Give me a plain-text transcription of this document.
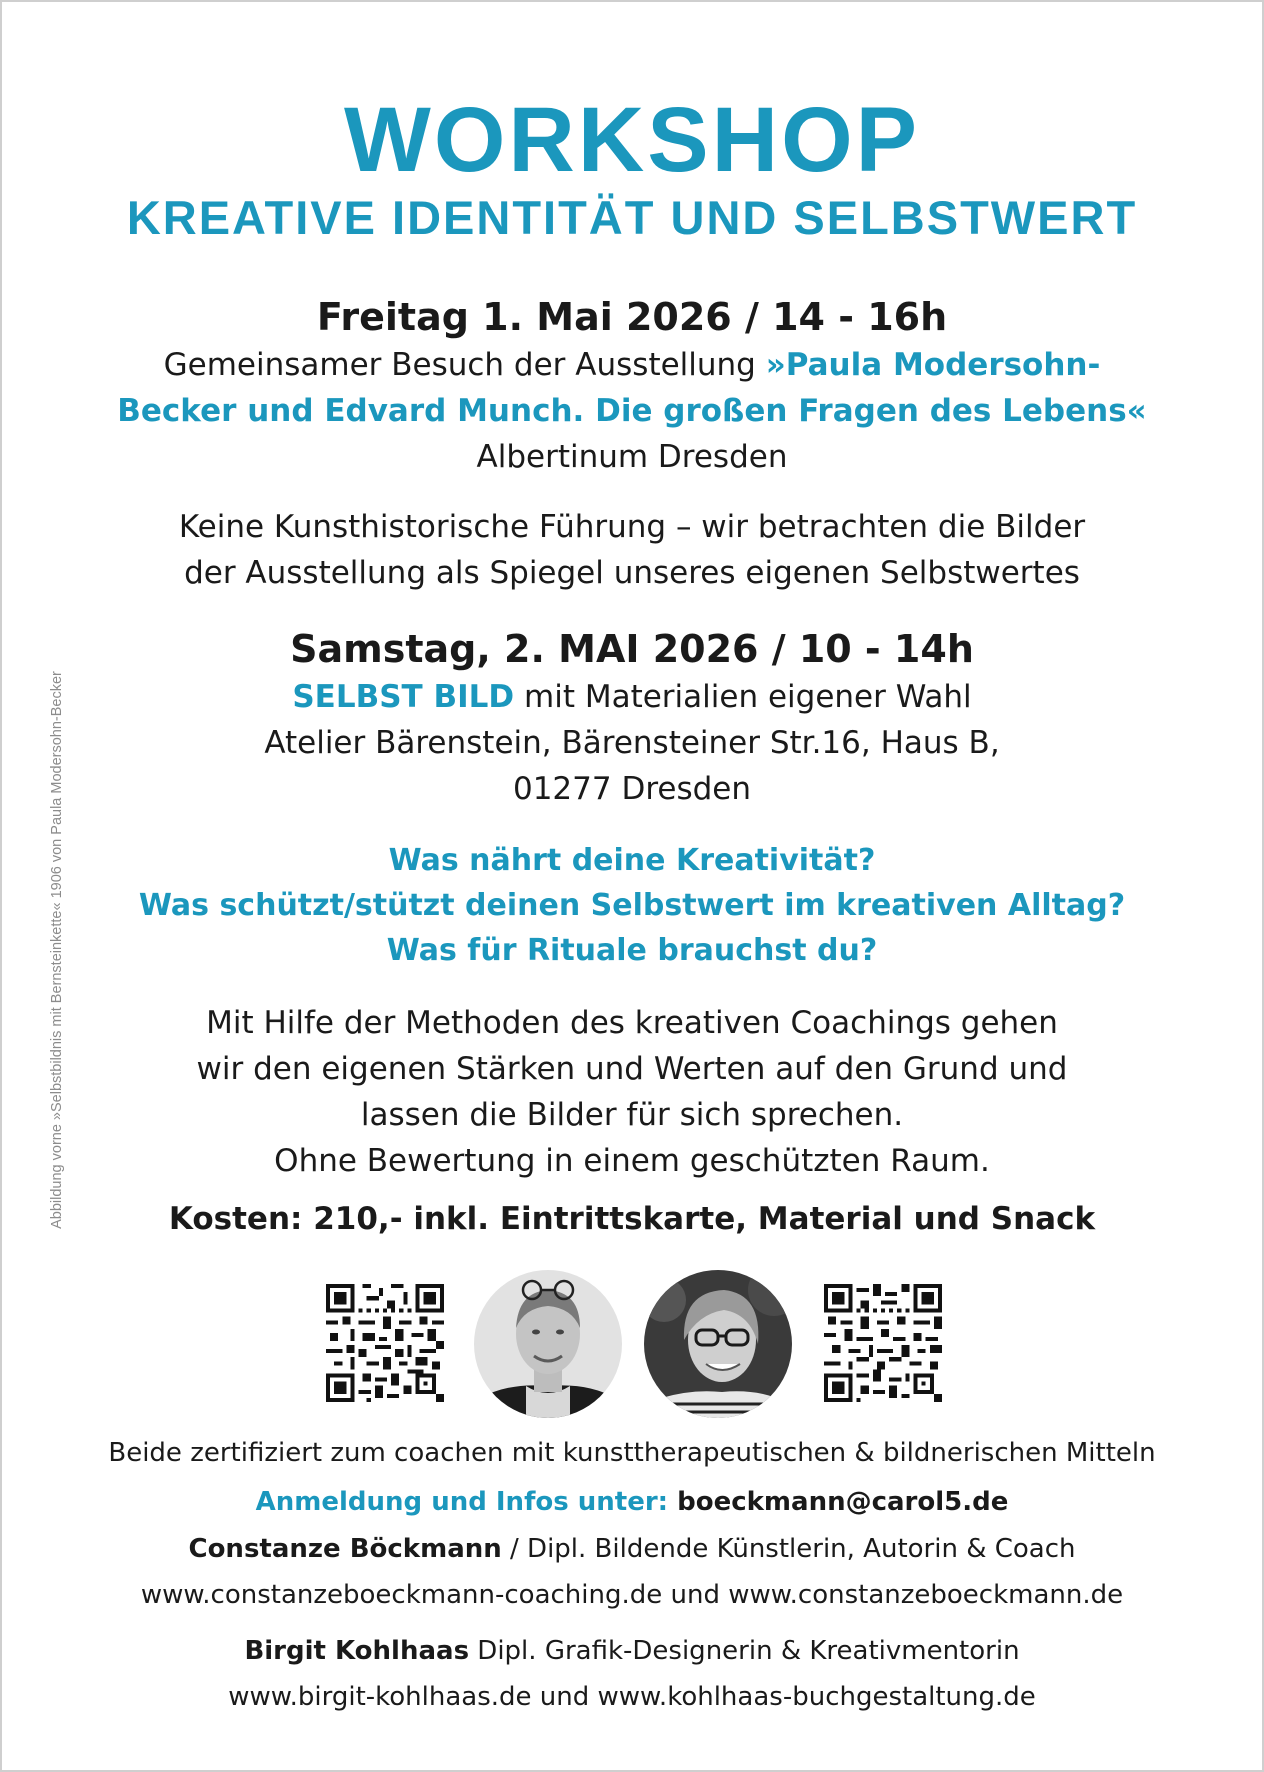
Abbildung vorne »Selbstbildnis mit Bernsteinkette« 1906 von Paula Modersohn-Becker
WORKSHOP
KREATIVE IDENTITÄT UND SELBSTWERT
Freitag 1. Mai 2026 / 14 - 16h
Gemeinsamer Besuch der Ausstellung »Paula Modersohn-
Becker und Edvard Munch. Die großen Fragen des Lebens«
Albertinum Dresden
Keine Kunsthistorische Führung – wir betrachten die Bilder
der Ausstellung als Spiegel unseres eigenen Selbstwertes
Samstag, 2. MAI 2026 / 10 - 14h
SELBST BILD mit Materialien eigener Wahl
Atelier Bärenstein, Bärensteiner Str.16, Haus B,
01277 Dresden
Was nährt deine Kreativität?
Was schützt/stützt deinen Selbstwert im kreativen Alltag?
Was für Rituale brauchst du?
Mit Hilfe der Methoden des kreativen Coachings gehen
wir den eigenen Stärken und Werten auf den Grund und
lassen die Bilder für sich sprechen.
Ohne Bewertung in einem geschützten Raum.
Kosten: 210,- inkl. Eintrittskarte, Material und Snack
Beide zertifiziert zum coachen mit kunsttherapeutischen & bildnerischen Mitteln
Anmeldung und Infos unter: boeckmann@carol5.de
Constanze Böckmann / Dipl. Bildende Künstlerin, Autorin & Coach
www.constanzeboeckmann-coaching.de und www.constanzeboeckmann.de
Birgit Kohlhaas Dipl. Grafik-Designerin & Kreativmentorin
www.birgit-kohlhaas.de und www.kohlhaas-buchgestaltung.de
